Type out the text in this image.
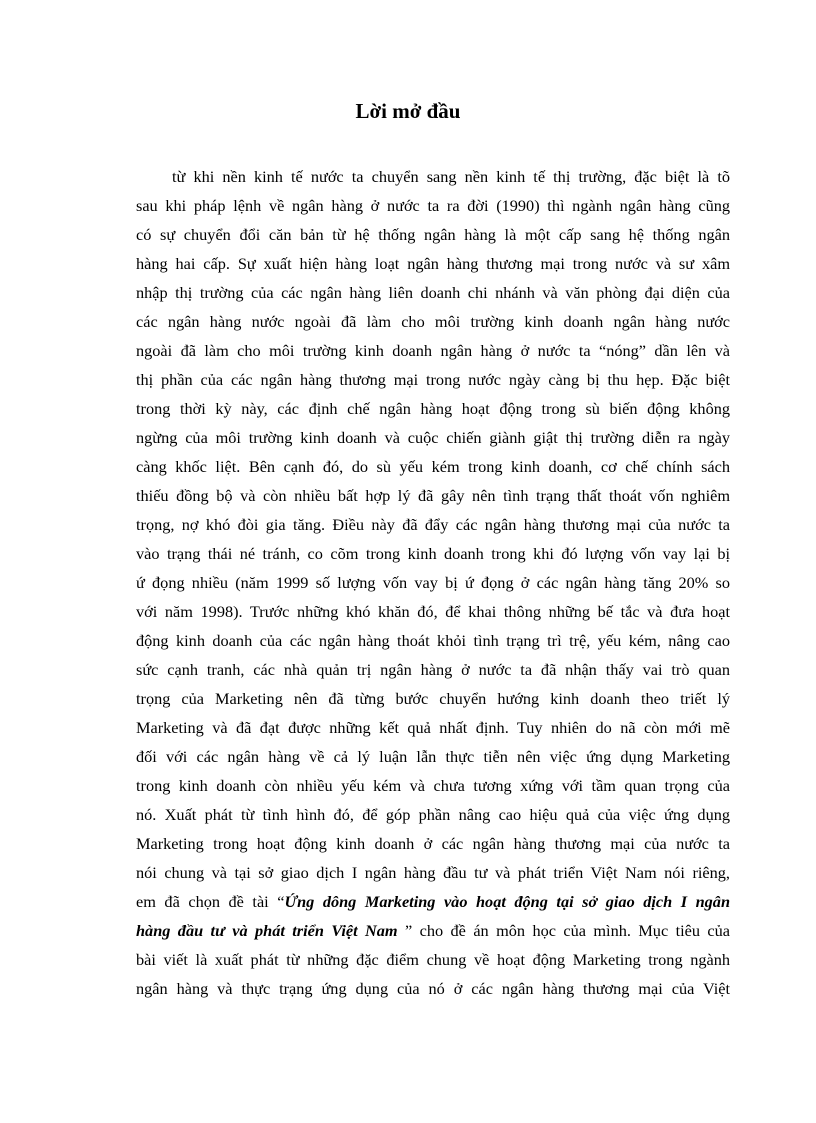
Lời mở đầu
từ khi nền kinh tế nước ta chuyển sang nền kinh tế thị trường, đặc biệt là tõ
sau khi pháp lệnh về ngân hàng ở nước ta ra đời (1990) thì ngành ngân hàng cũng
có sự chuyển đổi căn bản từ hệ thống ngân hàng là một cấp sang hệ thống ngân
hàng hai cấp. Sự xuất hiện hàng loạt ngân hàng thương mại trong nước và sư xâm
nhập thị trường của các ngân hàng liên doanh chi nhánh và văn phòng đại diện của
các ngân hàng nước ngoài đã làm cho môi trường kinh doanh ngân hàng nước
ngoài đã làm cho môi trường kinh doanh ngân hàng ở nước ta “nóng” dần lên và
thị phần của các ngân hàng thương mại trong nước ngày càng bị thu hẹp. Đặc biệt
trong thời kỳ này, các định chế ngân hàng hoạt động trong sù biến động không
ngừng của môi trường kinh doanh và cuộc chiến giành giật thị trường diễn ra ngày
càng khốc liệt. Bên cạnh đó, do sù yếu kém trong kinh doanh, cơ chế chính sách
thiếu đồng bộ và còn nhiều bất hợp lý đã gây nên tình trạng thất thoát vốn nghiêm
trọng, nợ khó đòi gia tăng. Điều này đã đẩy các ngân hàng thương mại của nước ta
vào trạng thái né tránh, co cõm trong kinh doanh trong khi đó lượng vốn vay lại bị
ứ đọng nhiều (năm 1999 số lượng vốn vay bị ứ đọng ở các ngân hàng tăng 20% so
với năm 1998). Trước những khó khăn đó, để khai thông những bế tắc và đưa hoạt
động kinh doanh của các ngân hàng thoát khỏi tình trạng trì trệ, yếu kém, nâng cao
sức cạnh tranh, các nhà quản trị ngân hàng ở nước ta đã nhận thấy vai trò quan
trọng của Marketing nên đã từng bước chuyển hướng kinh doanh theo triết lý
Marketing và đã đạt được những kết quả nhất định. Tuy nhiên do nã còn mới mẽ
đối với các ngân hàng về cả lý luận lẫn thực tiễn nên việc ứng dụng Marketing
trong kinh doanh còn nhiều yếu kém và chưa tương xứng với tầm quan trọng của
nó. Xuất phát từ tình hình đó, để góp phần nâng cao hiệu quả của việc ứng dụng
Marketing trong hoạt động kinh doanh ở các ngân hàng thương mại của nước ta
nói chung và tại sở giao dịch I ngân hàng đầu tư và phát triển Việt Nam nói riêng,
em đã chọn đề tài “Ứng dông Marketing vào hoạt động tại sở giao dịch I ngân
hàng đầu tư và phát triển Việt Nam ” cho đề án môn học của mình. Mục tiêu của
bài viết là xuất phát từ những đặc điểm chung về hoạt động Marketing trong ngành
ngân hàng và thực trạng ứng dụng của nó ở các ngân hàng thương mại của Việt
